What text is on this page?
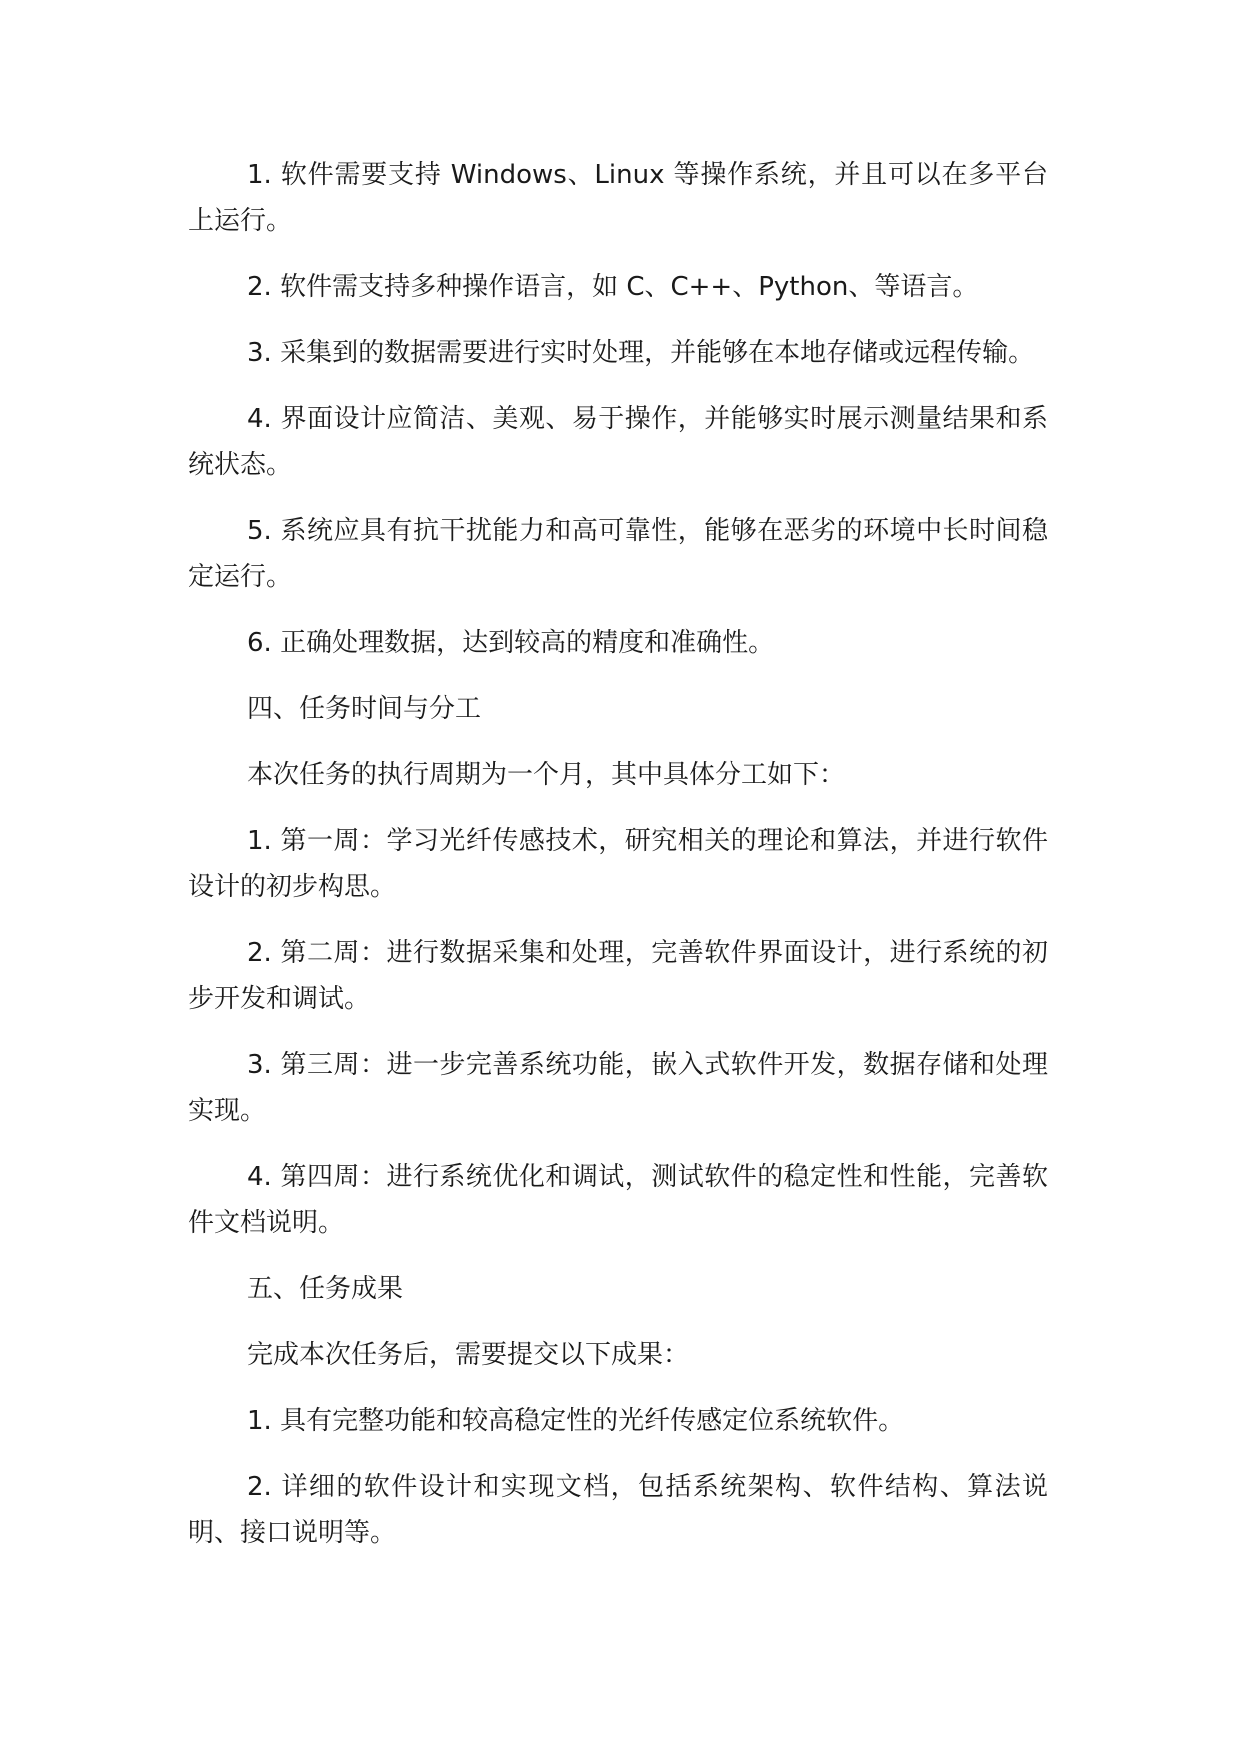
1. 软件需要支持 Windows、Linux 等操作系统，并且可以在多平台上运行。

2. 软件需支持多种操作语言，如 C、C++、Python、等语言。

3. 采集到的数据需要进行实时处理，并能够在本地存储或远程传输。

4. 界面设计应简洁、美观、易于操作，并能够实时展示测量结果和系统状态。

5. 系统应具有抗干扰能力和高可靠性，能够在恶劣的环境中长时间稳定运行。

6. 正确处理数据，达到较高的精度和准确性。

四、任务时间与分工

本次任务的执行周期为一个月，其中具体分工如下：

1. 第一周：学习光纤传感技术，研究相关的理论和算法，并进行软件设计的初步构思。

2. 第二周：进行数据采集和处理，完善软件界面设计，进行系统的初步开发和调试。

3. 第三周：进一步完善系统功能，嵌入式软件开发，数据存储和处理实现。

4. 第四周：进行系统优化和调试，测试软件的稳定性和性能，完善软件文档说明。

五、任务成果

完成本次任务后，需要提交以下成果：

1. 具有完整功能和较高稳定性的光纤传感定位系统软件。

2. 详细的软件设计和实现文档，包括系统架构、软件结构、算法说明、接口说明等。
